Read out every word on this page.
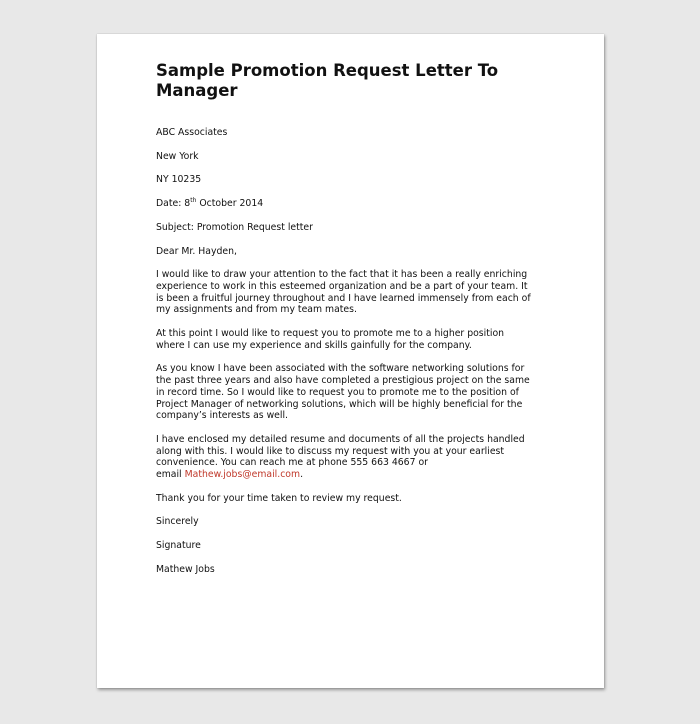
Sample Promotion Request Letter To
Manager
ABC Associates
New York
NY 10235
Date: 8th October 2014
Subject: Promotion Request letter
Dear Mr. Hayden,
I would like to draw your attention to the fact that it has been a really enriching
experience to work in this esteemed organization and be a part of your team. It
is been a fruitful journey throughout and I have learned immensely from each of
my assignments and from my team mates.
At this point I would like to request you to promote me to a higher position
where I can use my experience and skills gainfully for the company.
As you know I have been associated with the software networking solutions for
the past three years and also have completed a prestigious project on the same
in record time. So I would like to request you to promote me to the position of
Project Manager of networking solutions, which will be highly beneficial for the
company’s interests as well.
I have enclosed my detailed resume and documents of all the projects handled
along with this. I would like to discuss my request with you at your earliest
convenience. You can reach me at phone 555 663 4667 or
email Mathew.jobs@email.com.
Thank you for your time taken to review my request.
Sincerely
Signature
Mathew Jobs
